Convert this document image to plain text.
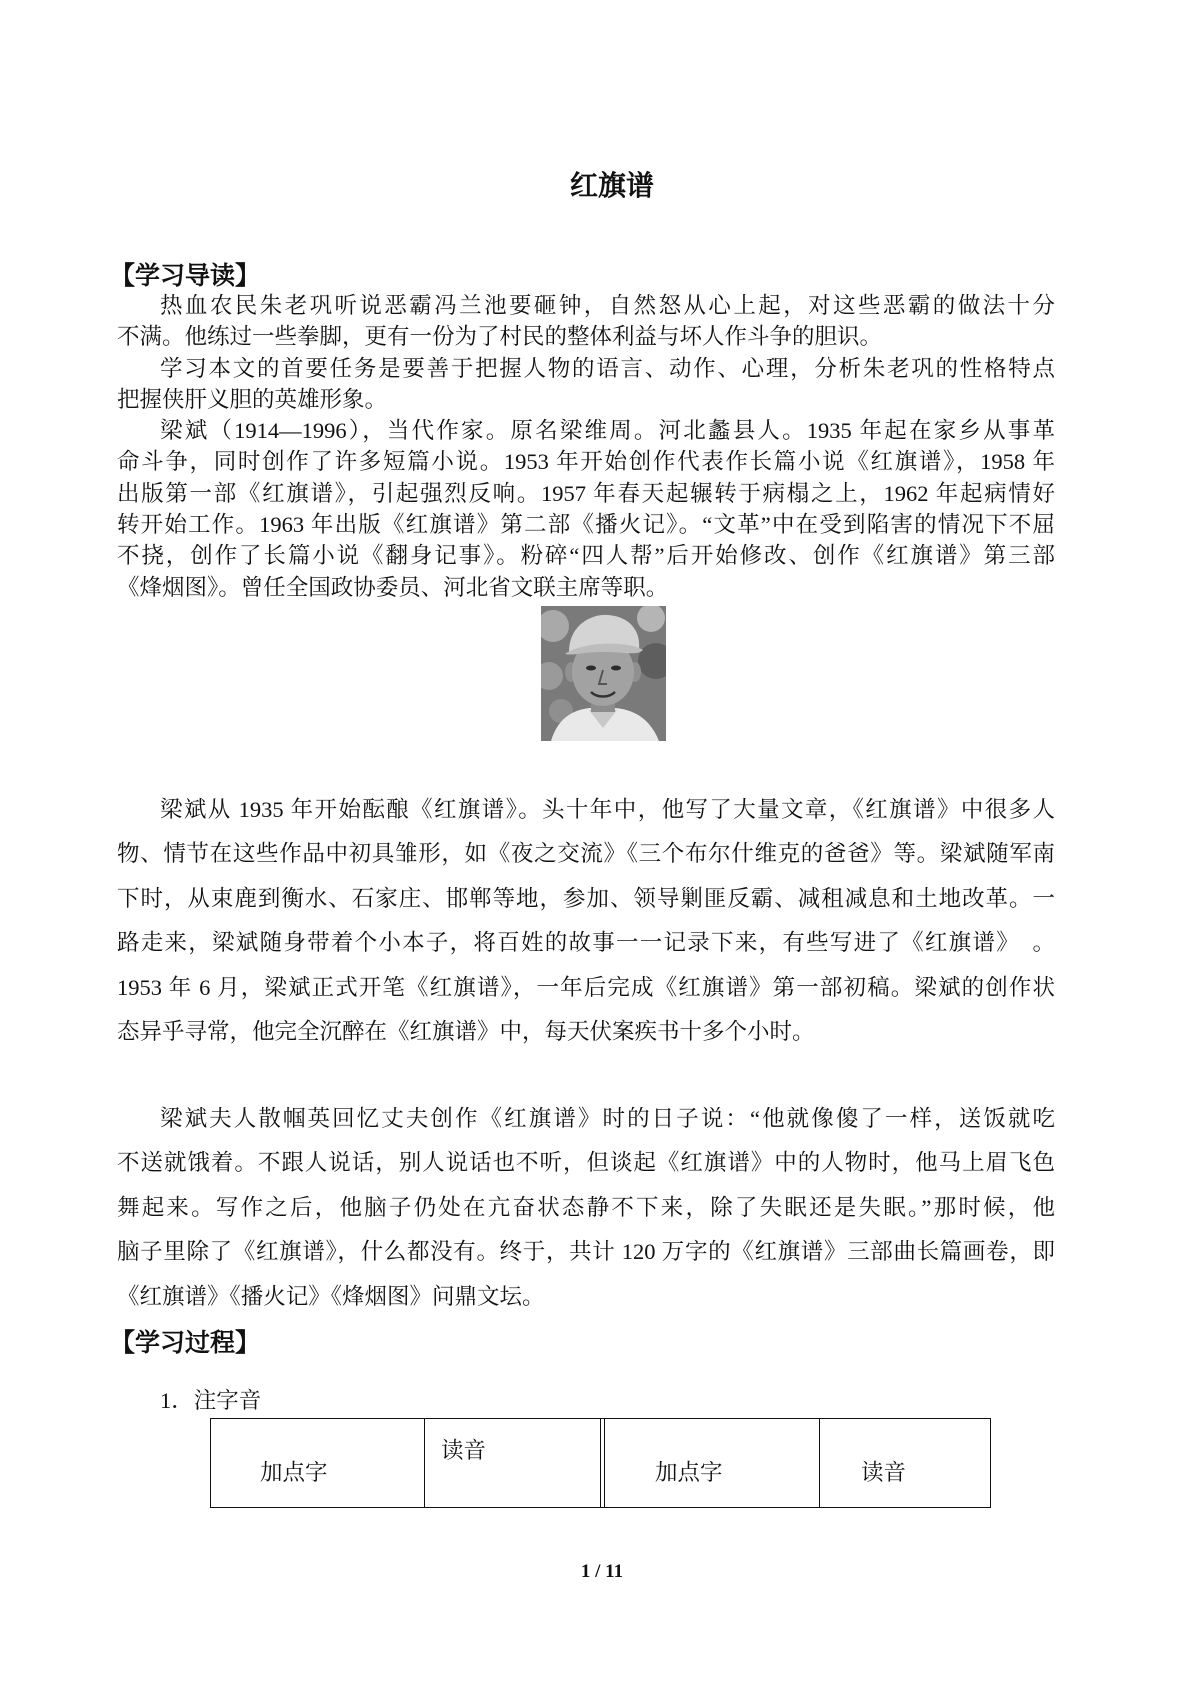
红旗谱
【学习导读】
热血农民朱老巩听说恶霸冯兰池要砸钟，自然怒从心上起，对这些恶霸的做法十分
不满。他练过一些拳脚，更有一份为了村民的整体利益与坏人作斗争的胆识。
学习本文的首要任务是要善于把握人物的语言、动作、心理，分析朱老巩的性格特点
把握侠肝义胆的英雄形象。
梁斌（1914—1996），当代作家。原名梁维周。河北蠡县人。1935 年起在家乡从事革
命斗争，同时创作了许多短篇小说。1953 年开始创作代表作长篇小说《红旗谱》，1958 年
出版第一部《红旗谱》，引起强烈反响。1957 年春天起辗转于病榻之上，1962 年起病情好
转开始工作。1963 年出版《红旗谱》第二部《播火记》。“文革”中在受到陷害的情况下不屈
不挠，创作了长篇小说《翻身记事》。粉碎“四人帮”后开始修改、创作《红旗谱》第三部
《烽烟图》。曾任全国政协委员、河北省文联主席等职。
梁斌从 1935 年开始酝酿《红旗谱》。头十年中，他写了大量文章，《红旗谱》中很多人
物、情节在这些作品中初具雏形，如《夜之交流》《三个布尔什维克的爸爸》等。梁斌随军南
下时，从束鹿到衡水、石家庄、邯郸等地，参加、领导剿匪反霸、减租减息和土地改革。一
路走来，梁斌随身带着个小本子，将百姓的故事一一记录下来，有些写进了《红旗谱》　。
1953 年 6 月，梁斌正式开笔《红旗谱》，一年后完成《红旗谱》第一部初稿。梁斌的创作状
态异乎寻常，他完全沉醉在《红旗谱》中，每天伏案疾书十多个小时。
梁斌夫人散帼英回忆丈夫创作《红旗谱》时的日子说：“他就像傻了一样，送饭就吃
不送就饿着。不跟人说话，别人说话也不听，但谈起《红旗谱》中的人物时，他马上眉飞色
舞起来。写作之后，他脑子仍处在亢奋状态静不下来，除了失眠还是失眠。”那时候，他
脑子里除了《红旗谱》，什么都没有。终于，共计 120 万字的《红旗谱》三部曲长篇画卷，即
《红旗谱》《播火记》《烽烟图》问鼎文坛。
【学习过程】
1．注字音
加点字
读音
加点字	读音
1 / 11
